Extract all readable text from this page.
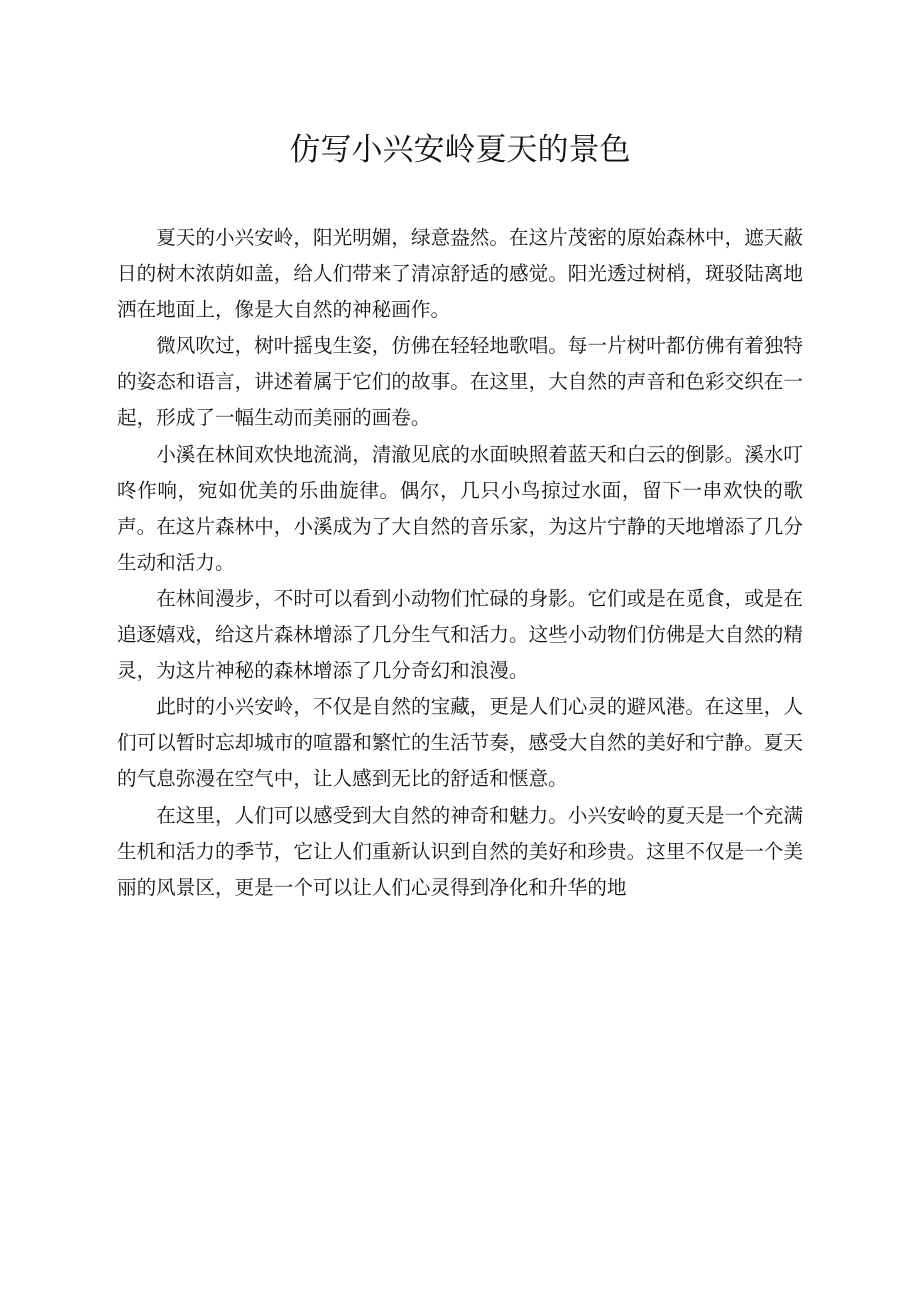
仿写小兴安岭夏天的景色

夏天的小兴安岭，阳光明媚，绿意盎然。在这片茂密的原始森林中，遮天蔽日的树木浓荫如盖，给人们带来了清凉舒适的感觉。阳光透过树梢，斑驳陆离地洒在地面上，像是大自然的神秘画作。

微风吹过，树叶摇曳生姿，仿佛在轻轻地歌唱。每一片树叶都仿佛有着独特的姿态和语言，讲述着属于它们的故事。在这里，大自然的声音和色彩交织在一起，形成了一幅生动而美丽的画卷。

小溪在林间欢快地流淌，清澈见底的水面映照着蓝天和白云的倒影。溪水叮咚作响，宛如优美的乐曲旋律。偶尔，几只小鸟掠过水面，留下一串欢快的歌声。在这片森林中，小溪成为了大自然的音乐家，为这片宁静的天地增添了几分生动和活力。

在林间漫步，不时可以看到小动物们忙碌的身影。它们或是在觅食，或是在追逐嬉戏，给这片森林增添了几分生气和活力。这些小动物们仿佛是大自然的精灵，为这片神秘的森林增添了几分奇幻和浪漫。

此时的小兴安岭，不仅是自然的宝藏，更是人们心灵的避风港。在这里，人们可以暂时忘却城市的喧嚣和繁忙的生活节奏，感受大自然的美好和宁静。夏天的气息弥漫在空气中，让人感到无比的舒适和惬意。

在这里，人们可以感受到大自然的神奇和魅力。小兴安岭的夏天是一个充满生机和活力的季节，它让人们重新认识到自然的美好和珍贵。这里不仅是一个美丽的风景区，更是一个可以让人们心灵得到净化和升华的地
